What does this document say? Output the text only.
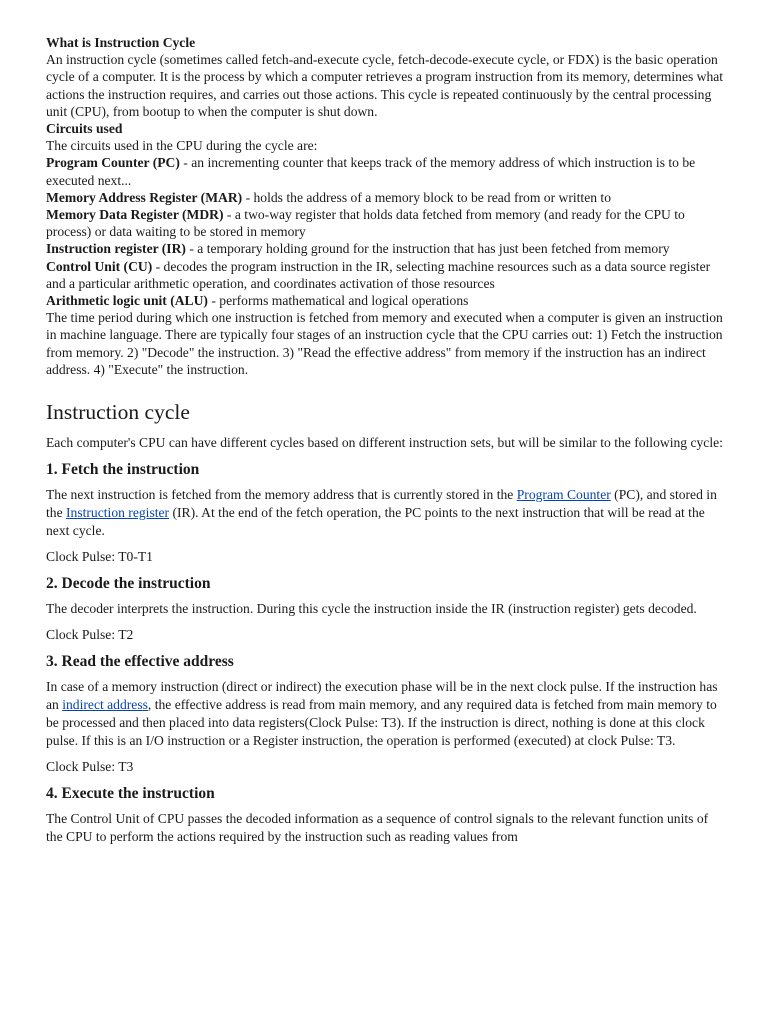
What is Instruction Cycle

An instruction cycle (sometimes called fetch-and-execute cycle, fetch-decode-execute cycle, or FDX) is the basic operation cycle of a computer. It is the process by which a computer retrieves a program instruction from its memory, determines what actions the instruction requires, and carries out those actions. This cycle is repeated continuously by the central processing unit (CPU), from bootup to when the computer is shut down.

Circuits used

The circuits used in the CPU during the cycle are:

Program Counter (PC) - an incrementing counter that keeps track of the memory address of which instruction is to be executed next...

Memory Address Register (MAR) - holds the address of a memory block to be read from or written to

Memory Data Register (MDR) - a two-way register that holds data fetched from memory (and ready for the CPU to process) or data waiting to be stored in memory

Instruction register (IR) - a temporary holding ground for the instruction that has just been fetched from memory

Control Unit (CU) - decodes the program instruction in the IR, selecting machine resources such as a data source register and a particular arithmetic operation, and coordinates activation of those resources

Arithmetic logic unit (ALU) - performs mathematical and logical operations

The time period during which one instruction is fetched from memory and executed when a computer is given an instruction in machine language. There are typically four stages of an instruction cycle that the CPU carries out: 1) Fetch the instruction from memory. 2) "Decode" the instruction. 3) "Read the effective address" from memory if the instruction has an indirect address. 4) "Execute" the instruction.

Instruction cycle

Each computer's CPU can have different cycles based on different instruction sets, but will be similar to the following cycle:

1. Fetch the instruction

The next instruction is fetched from the memory address that is currently stored in the Program Counter (PC), and stored in the Instruction register (IR). At the end of the fetch operation, the PC points to the next instruction that will be read at the next cycle.

Clock Pulse: T0-T1

2. Decode the instruction

The decoder interprets the instruction. During this cycle the instruction inside the IR (instruction register) gets decoded.

Clock Pulse: T2

3. Read the effective address

In case of a memory instruction (direct or indirect) the execution phase will be in the next clock pulse. If the instruction has an indirect address, the effective address is read from main memory, and any required data is fetched from main memory to be processed and then placed into data registers(Clock Pulse: T3). If the instruction is direct, nothing is done at this clock pulse. If this is an I/O instruction or a Register instruction, the operation is performed (executed) at clock Pulse: T3.

Clock Pulse: T3

4. Execute the instruction

The Control Unit of CPU passes the decoded information as a sequence of control signals to the relevant function units of the CPU to perform the actions required by the instruction such as reading values from
